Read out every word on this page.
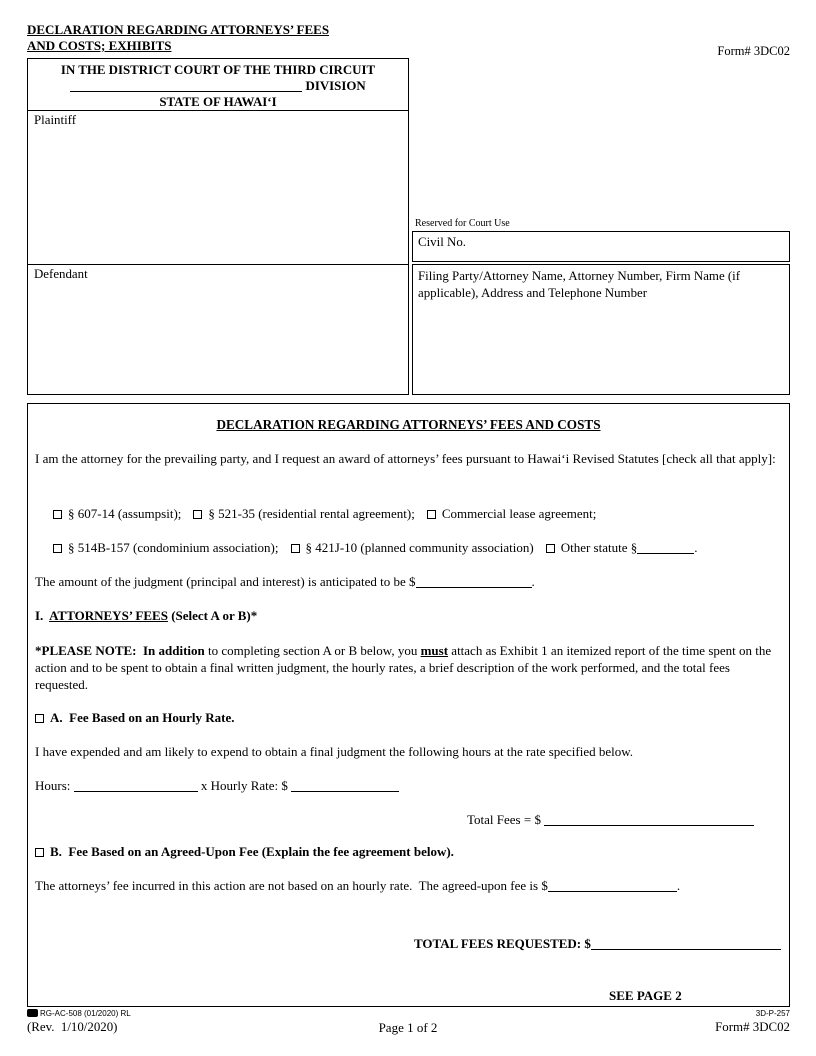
DECLARATION REGARDING ATTORNEYS’ FEES
AND COSTS; EXHIBITS	Form# 3DC02
IN THE DISTRICT COURT OF THE THIRD CIRCUIT
DIVISION
STATE OF HAWAIʻI
Plaintiff
Defendant
Reserved for Court Use
Civil No.
Filing Party/Attorney Name, Attorney Number, Firm Name (if applicable), Address and Telephone Number
DECLARATION REGARDING ATTORNEYS’ FEES AND COSTS
I am the attorney for the prevailing party, and I request an award of attorneys’ fees pursuant to Hawaiʻi Revised Statutes [check all that apply]:
§ 607-14 (assumpsit); § 521-35 (residential rental agreement); Commercial lease agreement;
§ 514B-157 (condominium association); § 421J-10 (planned community association) Other statute §	.
The amount of the judgment (principal and interest) is anticipated to be $	.
I.  ATTORNEYS’ FEES (Select A or B)*
*PLEASE NOTE:  In addition to completing section A or B below, you must attach as Exhibit 1 an itemized report of the time spent on the action and to be spent to obtain a final written judgment, the hourly rates, a brief description of the work performed, and the total fees requested.
A.  Fee Based on an Hourly Rate.
I have expended and am likely to expend to obtain a final judgment the following hours at the rate specified below.
Hours:	x Hourly Rate: $
Total Fees = $
B.  Fee Based on an Agreed-Upon Fee (Explain the fee agreement below).
The attorneys’ fee incurred in this action are not based on an hourly rate.  The agreed-upon fee is $	.
TOTAL FEES REQUESTED: $
SEE PAGE 2
RG-AC-508 (01/2020) RL
(Rev.  1/10/2020)	Page 1 of 2
3D-P-257
Form# 3DC02
